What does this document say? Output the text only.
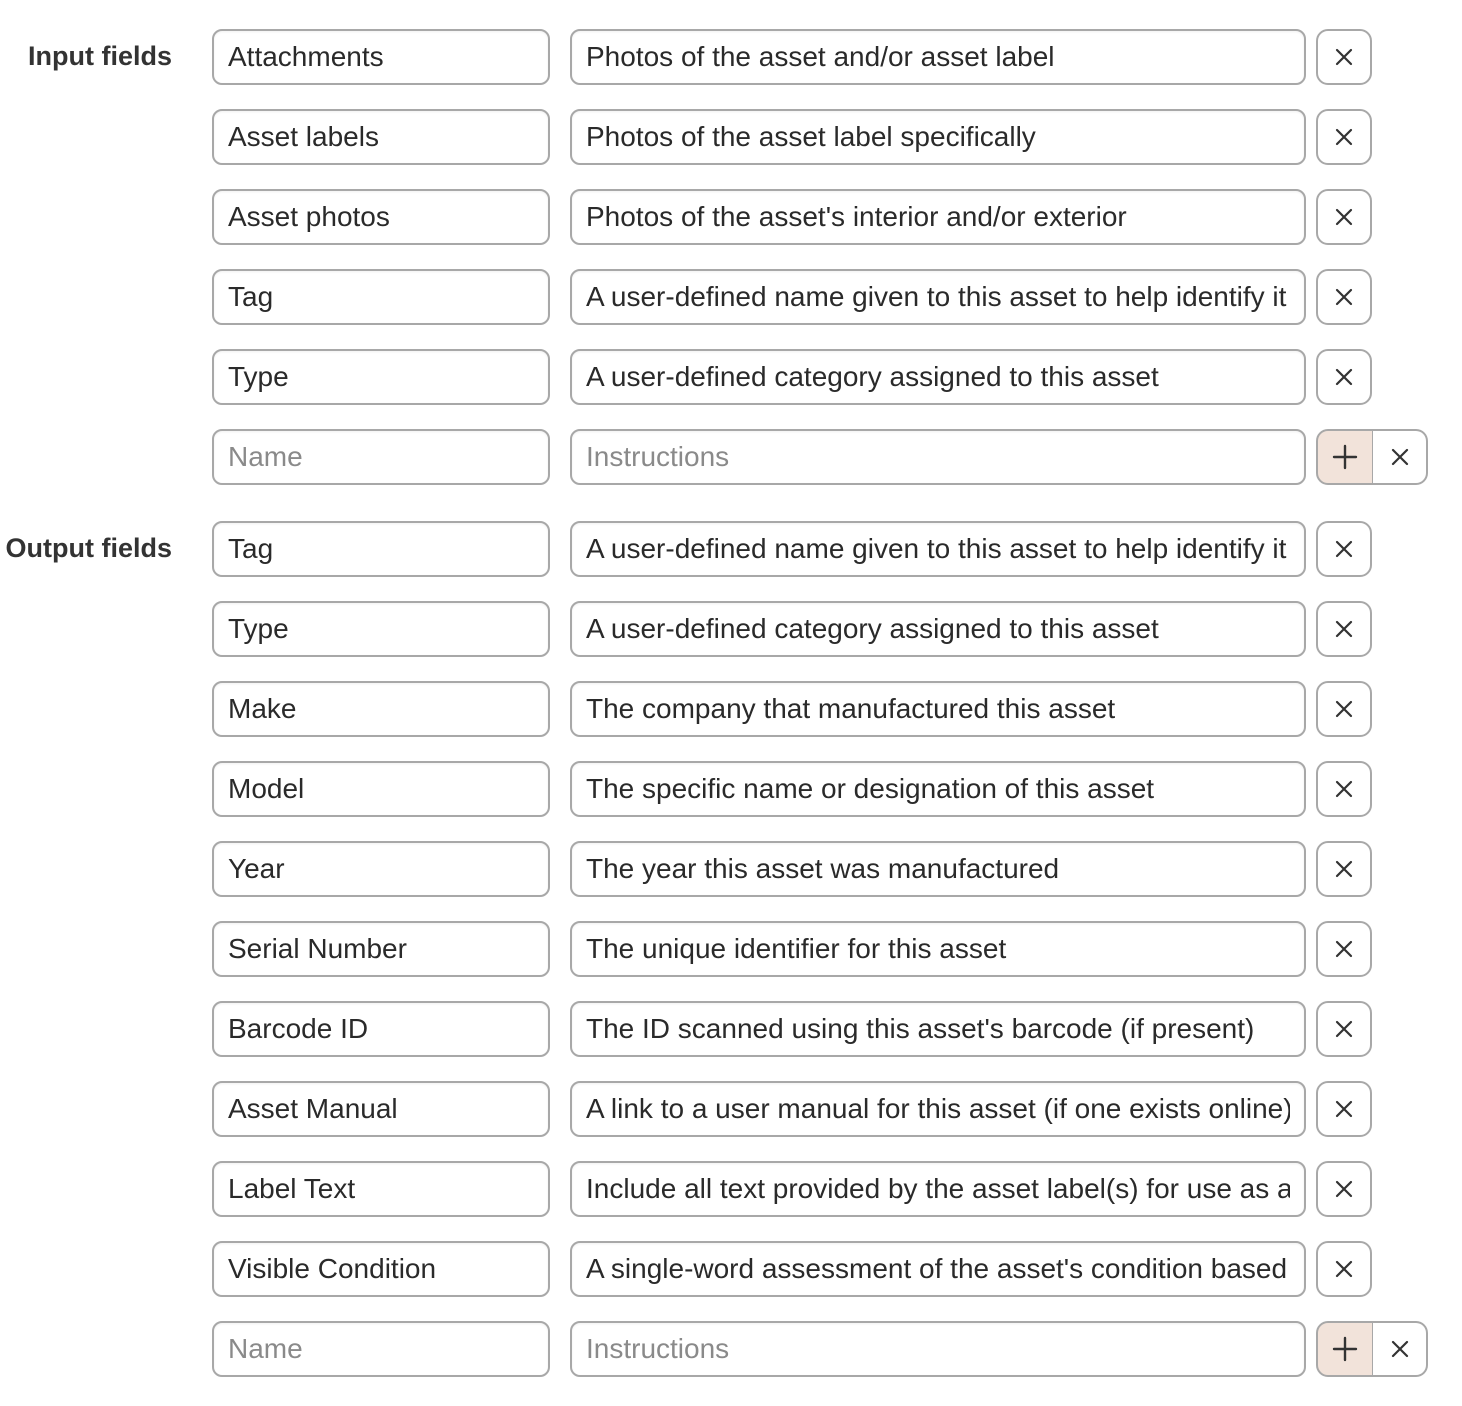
Input fields
Attachments
Photos of the asset and/or asset label
Asset labels
Photos of the asset label specifically
Asset photos
Photos of the asset's interior and/or exterior
Tag
A user-defined name given to this asset to help identify it
Type
A user-defined category assigned to this asset
Name
Instructions
Output fields
Tag
A user-defined name given to this asset to help identify it
Type
A user-defined category assigned to this asset
Make
The company that manufactured this asset
Model
The specific name or designation of this asset
Year
The year this asset was manufactured
Serial Number
The unique identifier for this asset
Barcode ID
The ID scanned using this asset's barcode (if present)
Asset Manual
A link to a user manual for this asset (if one exists online)
Label Text
Include all text provided by the asset label(s) for use as a
Visible Condition
A single-word assessment of the asset's condition based
Name
Instructions
